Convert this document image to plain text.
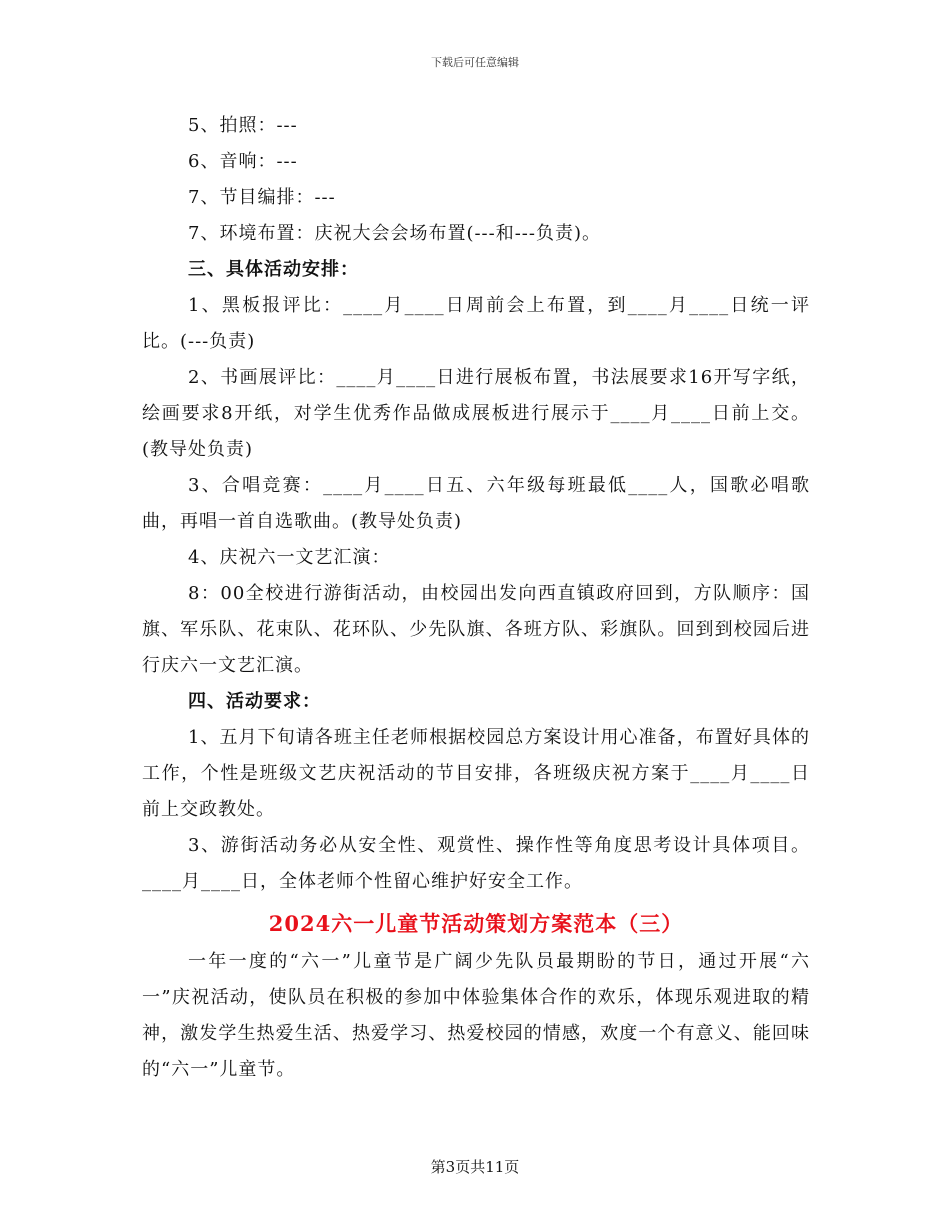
下载后可任意编辑

5、拍照：---

6、音响：---

7、节目编排：---

7、环境布置：庆祝大会会场布置(---和---负责)。

三、具体活动安排：

1、黑板报评比：____月____日周前会上布置，到____月____日统一评比。(---负责)

2、书画展评比：____月____日进行展板布置，书法展要求16开写字纸，绘画要求8开纸，对学生优秀作品做成展板进行展示于____月____日前上交。(教导处负责)

3、合唱竞赛：____月____日五、六年级每班最低____人，国歌必唱歌曲，再唱一首自选歌曲。(教导处负责)

4、庆祝六一文艺汇演：

8：00全校进行游街活动，由校园出发向西直镇政府回到，方队顺序：国旗、军乐队、花束队、花环队、少先队旗、各班方队、彩旗队。回到到校园后进行庆六一文艺汇演。

四、活动要求：

1、五月下旬请各班主任老师根据校园总方案设计用心准备，布置好具体的工作，个性是班级文艺庆祝活动的节目安排，各班级庆祝方案于____月____日前上交政教处。

3、游街活动务必从安全性、观赏性、操作性等角度思考设计具体项目。____月____日，全体老师个性留心维护好安全工作。

2024六一儿童节活动策划方案范本（三）

一年一度的“六一”儿童节是广阔少先队员最期盼的节日，通过开展“六一”庆祝活动，使队员在积极的参加中体验集体合作的欢乐，体现乐观进取的精神，激发学生热爱生活、热爱学习、热爱校园的情感，欢度一个有意义、能回味的“六一”儿童节。

第3页共11页
